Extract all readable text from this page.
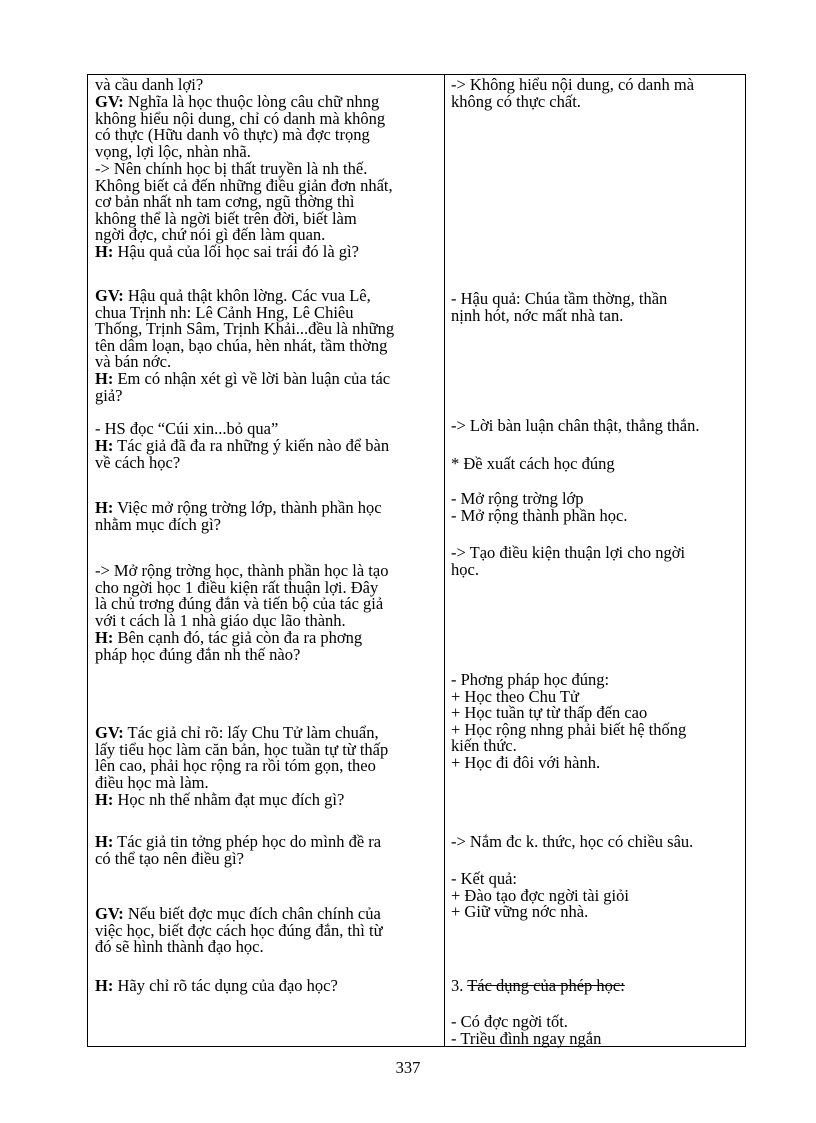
và cầu danh lợi?
GV: Nghĩa là học thuộc lòng câu chữ nhng
không hiểu nội dung, chỉ có danh mà không
có thực (Hữu danh vô thực) mà đợc trọng
vọng, lợi lộc, nhàn nhã.
-> Nên chính học bị thất truyền là nh thế.
Không biết cả đến những điều giản đơn nhất,
cơ bản nhất nh tam cơng, ngũ thờng thì
không thể là ngời biết trên đời, biết làm
ngời đợc, chứ nói gì đến làm quan.
H: Hậu quả của lối học sai trái đó là gì?
GV: Hậu quả thật khôn lờng. Các vua Lê,
chua Trịnh nh: Lê Cảnh Hng, Lê Chiêu
Thống, Trịnh Sâm, Trịnh Khải...đều là những
tên dâm loạn, bạo chúa, hèn nhát, tầm thờng
và bán nớc.
H: Em có nhận xét gì về lời bàn luận của tác
giả?
- HS đọc “Cúi xin...bỏ qua”
H: Tác giả đã đa ra những ý kiến nào để bàn
về cách học?
H: Việc mở rộng trờng lớp, thành phần học
nhằm mục đích gì?
-> Mở rộng trờng học, thành phần học là tạo
cho ngời học 1 điều kiện rất thuận lợi. Đây
là chủ trơng đúng đắn và tiến bộ của tác giả
với t cách là 1 nhà giáo dục lão thành.
H: Bên cạnh đó, tác giả còn đa ra phơng
pháp học đúng đắn nh thế nào?
GV: Tác giả chỉ rõ: lấy Chu Tử làm chuẩn,
lấy tiểu học làm căn bản, học tuần tự từ thấp
lên cao, phải học rộng ra rồi tóm gọn, theo
điều học mà làm.
H: Học nh thế nhằm đạt mục đích gì?
H: Tác giả tin tởng phép học do mình đề ra
có thể tạo nên điều gì?
GV: Nếu biết đợc mục đích chân chính của
việc học, biết đợc cách học đúng đắn, thì từ
đó sẽ hình thành đạo học.
H: Hãy chỉ rõ tác dụng của đạo học?
-> Không hiểu nội dung, có danh mà
không có thực chất.
- Hậu quả: Chúa tầm thờng, thần
nịnh hót, nớc mất nhà tan.
-> Lời bàn luận chân thật, thẳng thắn.
* Đề xuất cách học đúng
- Mở rộng trờng lớp
- Mở rộng thành phần học.
-> Tạo điều kiện thuận lợi cho ngời
học.
- Phơng pháp học đúng:
+ Học theo Chu Tử
+ Học tuần tự từ thấp đến cao
+ Học rộng nhng phải biết hệ thống
kiến thức.
+ Học đi đôi với hành.
-> Nắm đc k. thức, học có chiều sâu.
- Kết quả:
+ Đào tạo đợc ngời tài giỏi
+ Giữ vững nớc nhà.
3. Tác dụng của phép học:
- Có đợc ngời tốt.
- Triều đình ngay ngắn
337
